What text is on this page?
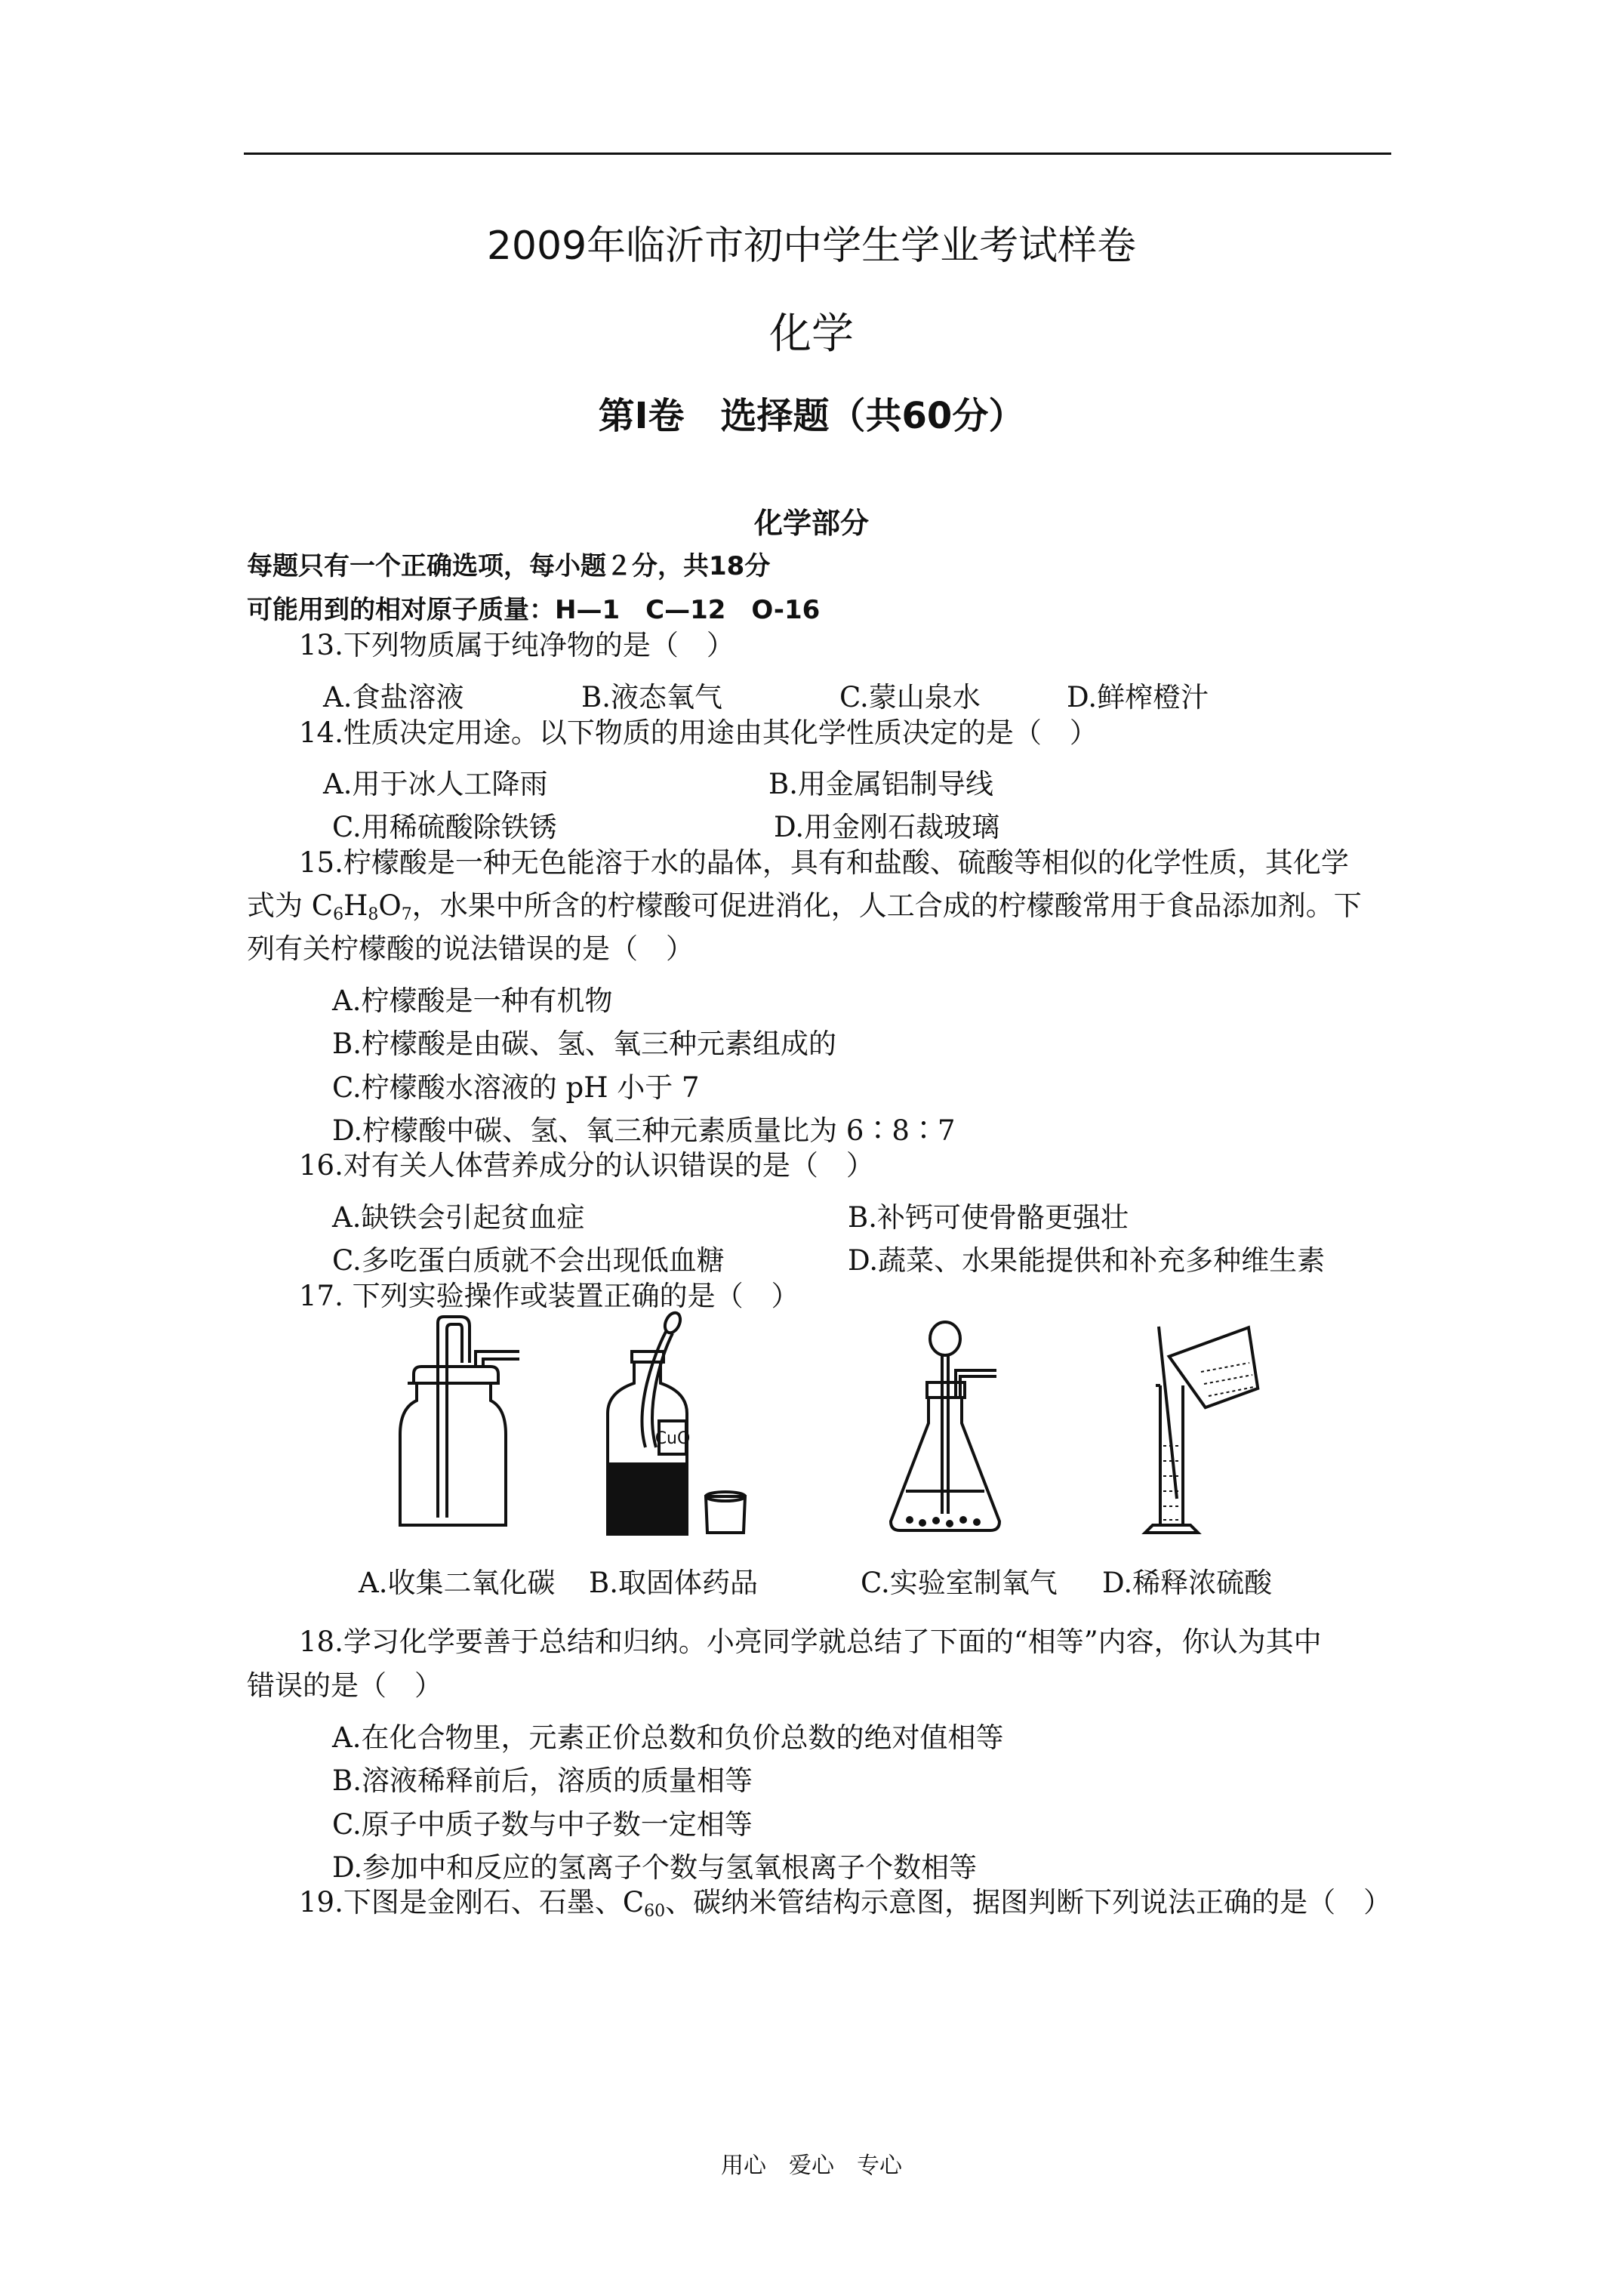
2009年临沂市初中学生学业考试样卷
化学
第Ⅰ卷　选择题（共60分）
化学部分
每题只有一个正确选项，每小题２分，共18分
可能用到的相对原子质量：H—1　C—12　O-16
13.下列物质属于纯净物的是（　）
A.食盐溶液	B.液态氧气	C.蒙山泉水	D.鲜榨橙汁
14.性质决定用途。以下物质的用途由其化学性质决定的是（　）
A.用于冰人工降雨	B.用金属铝制导线
C.用稀硫酸除铁锈	D.用金刚石裁玻璃
15.柠檬酸是一种无色能溶于水的晶体，具有和盐酸、硫酸等相似的化学性质，其化学
式为 $C_6H_8O_7$，水果中所含的柠檬酸可促进消化，人工合成的柠檬酸常用于食品添加剂。下
列有关柠檬酸的说法错误的是（　）
A.柠檬酸是一种有机物
B.柠檬酸是由碳、氢、氧三种元素组成的
C.柠檬酸水溶液的 pH 小于 7
D.柠檬酸中碳、氢、氧三种元素质量比为 6∶8∶7
16.对有关人体营养成分的认识错误的是（　）
A.缺铁会引起贫血症	B.补钙可使骨骼更强壮
C.多吃蛋白质就不会出现低血糖	D.蔬菜、水果能提供和补充多种维生素
17. 下列实验操作或装置正确的是（　）
CuO
A.收集二氧化碳 B.取固体药品	C.实验室制氧气 D.稀释浓硫酸
18.学习化学要善于总结和归纳。小亮同学就总结了下面的“相等”内容，你认为其中
错误的是（　）
A.在化合物里，元素正价总数和负价总数的绝对值相等
B.溶液稀释前后，溶质的质量相等
C.原子中质子数与中子数一定相等
D.参加中和反应的氢离子个数与氢氧根离子个数相等
19.下图是金刚石、石墨、$C_{60}$、碳纳米管结构示意图，据图判断下列说法正确的是（　）
用心　爱心　专心
